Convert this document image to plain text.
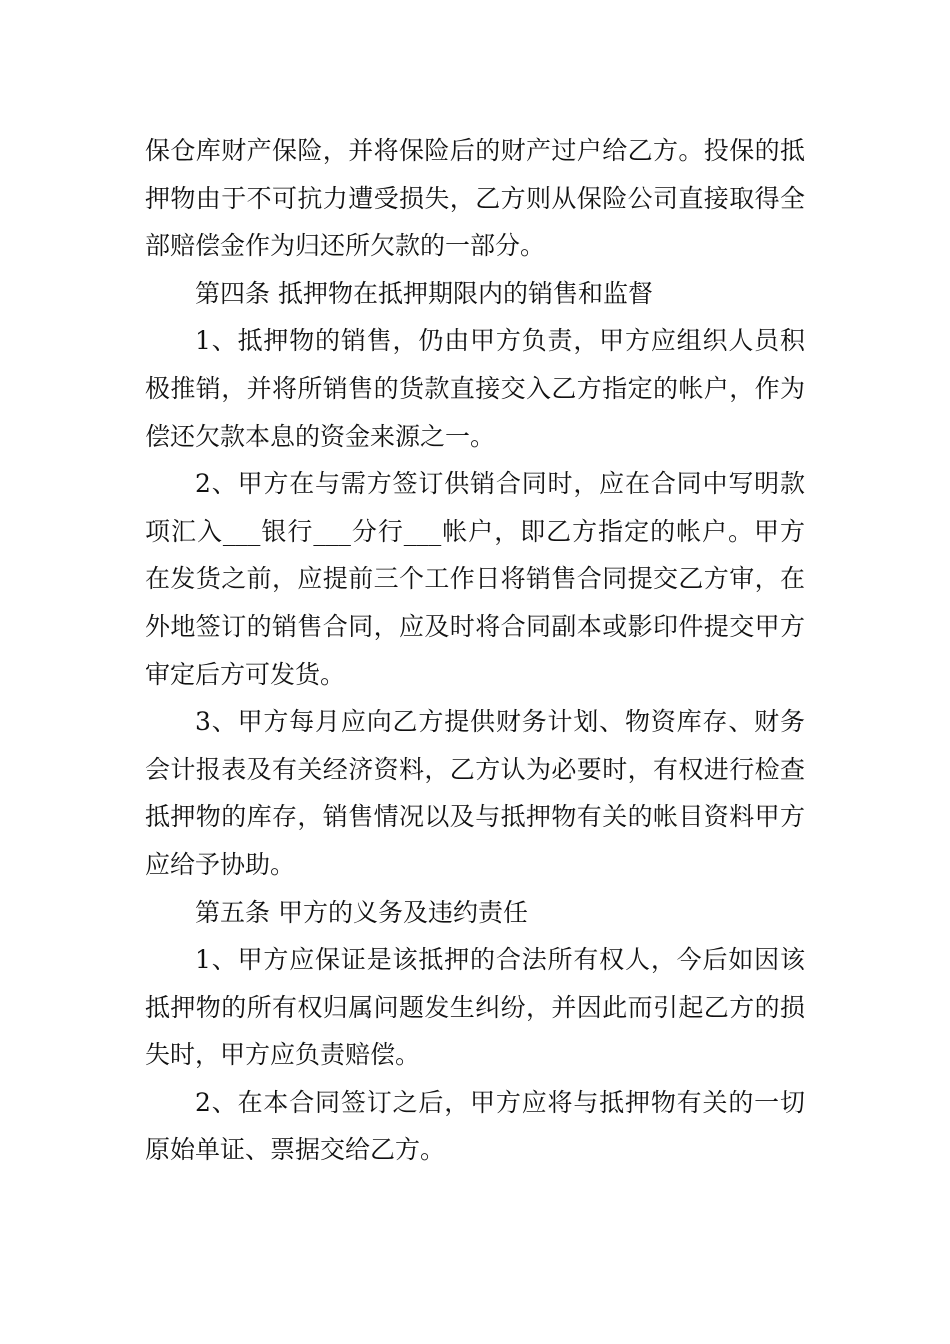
保仓库财产保险，并将保险后的财产过户给乙方。投保的抵押物由于不可抗力遭受损失，乙方则从保险公司直接取得全部赔偿金作为归还所欠款的一部分。

第四条 抵押物在抵押期限内的销售和监督

1、抵押物的销售，仍由甲方负责，甲方应组织人员积极推销，并将所销售的货款直接交入乙方指定的帐户，作为偿还欠款本息的资金来源之一。

2、甲方在与需方签订供销合同时，应在合同中写明款项汇入___银行___分行___帐户，即乙方指定的帐户。甲方在发货之前，应提前三个工作日将销售合同提交乙方审，在外地签订的销售合同，应及时将合同副本或影印件提交甲方审定后方可发货。

3、甲方每月应向乙方提供财务计划、物资库存、财务会计报表及有关经济资料，乙方认为必要时，有权进行检查抵押物的库存，销售情况以及与抵押物有关的帐目资料甲方应给予协助。

第五条 甲方的义务及违约责任

1、甲方应保证是该抵押的合法所有权人，今后如因该抵押物的所有权归属问题发生纠纷，并因此而引起乙方的损失时，甲方应负责赔偿。

2、在本合同签订之后，甲方应将与抵押物有关的一切原始单证、票据交给乙方。
